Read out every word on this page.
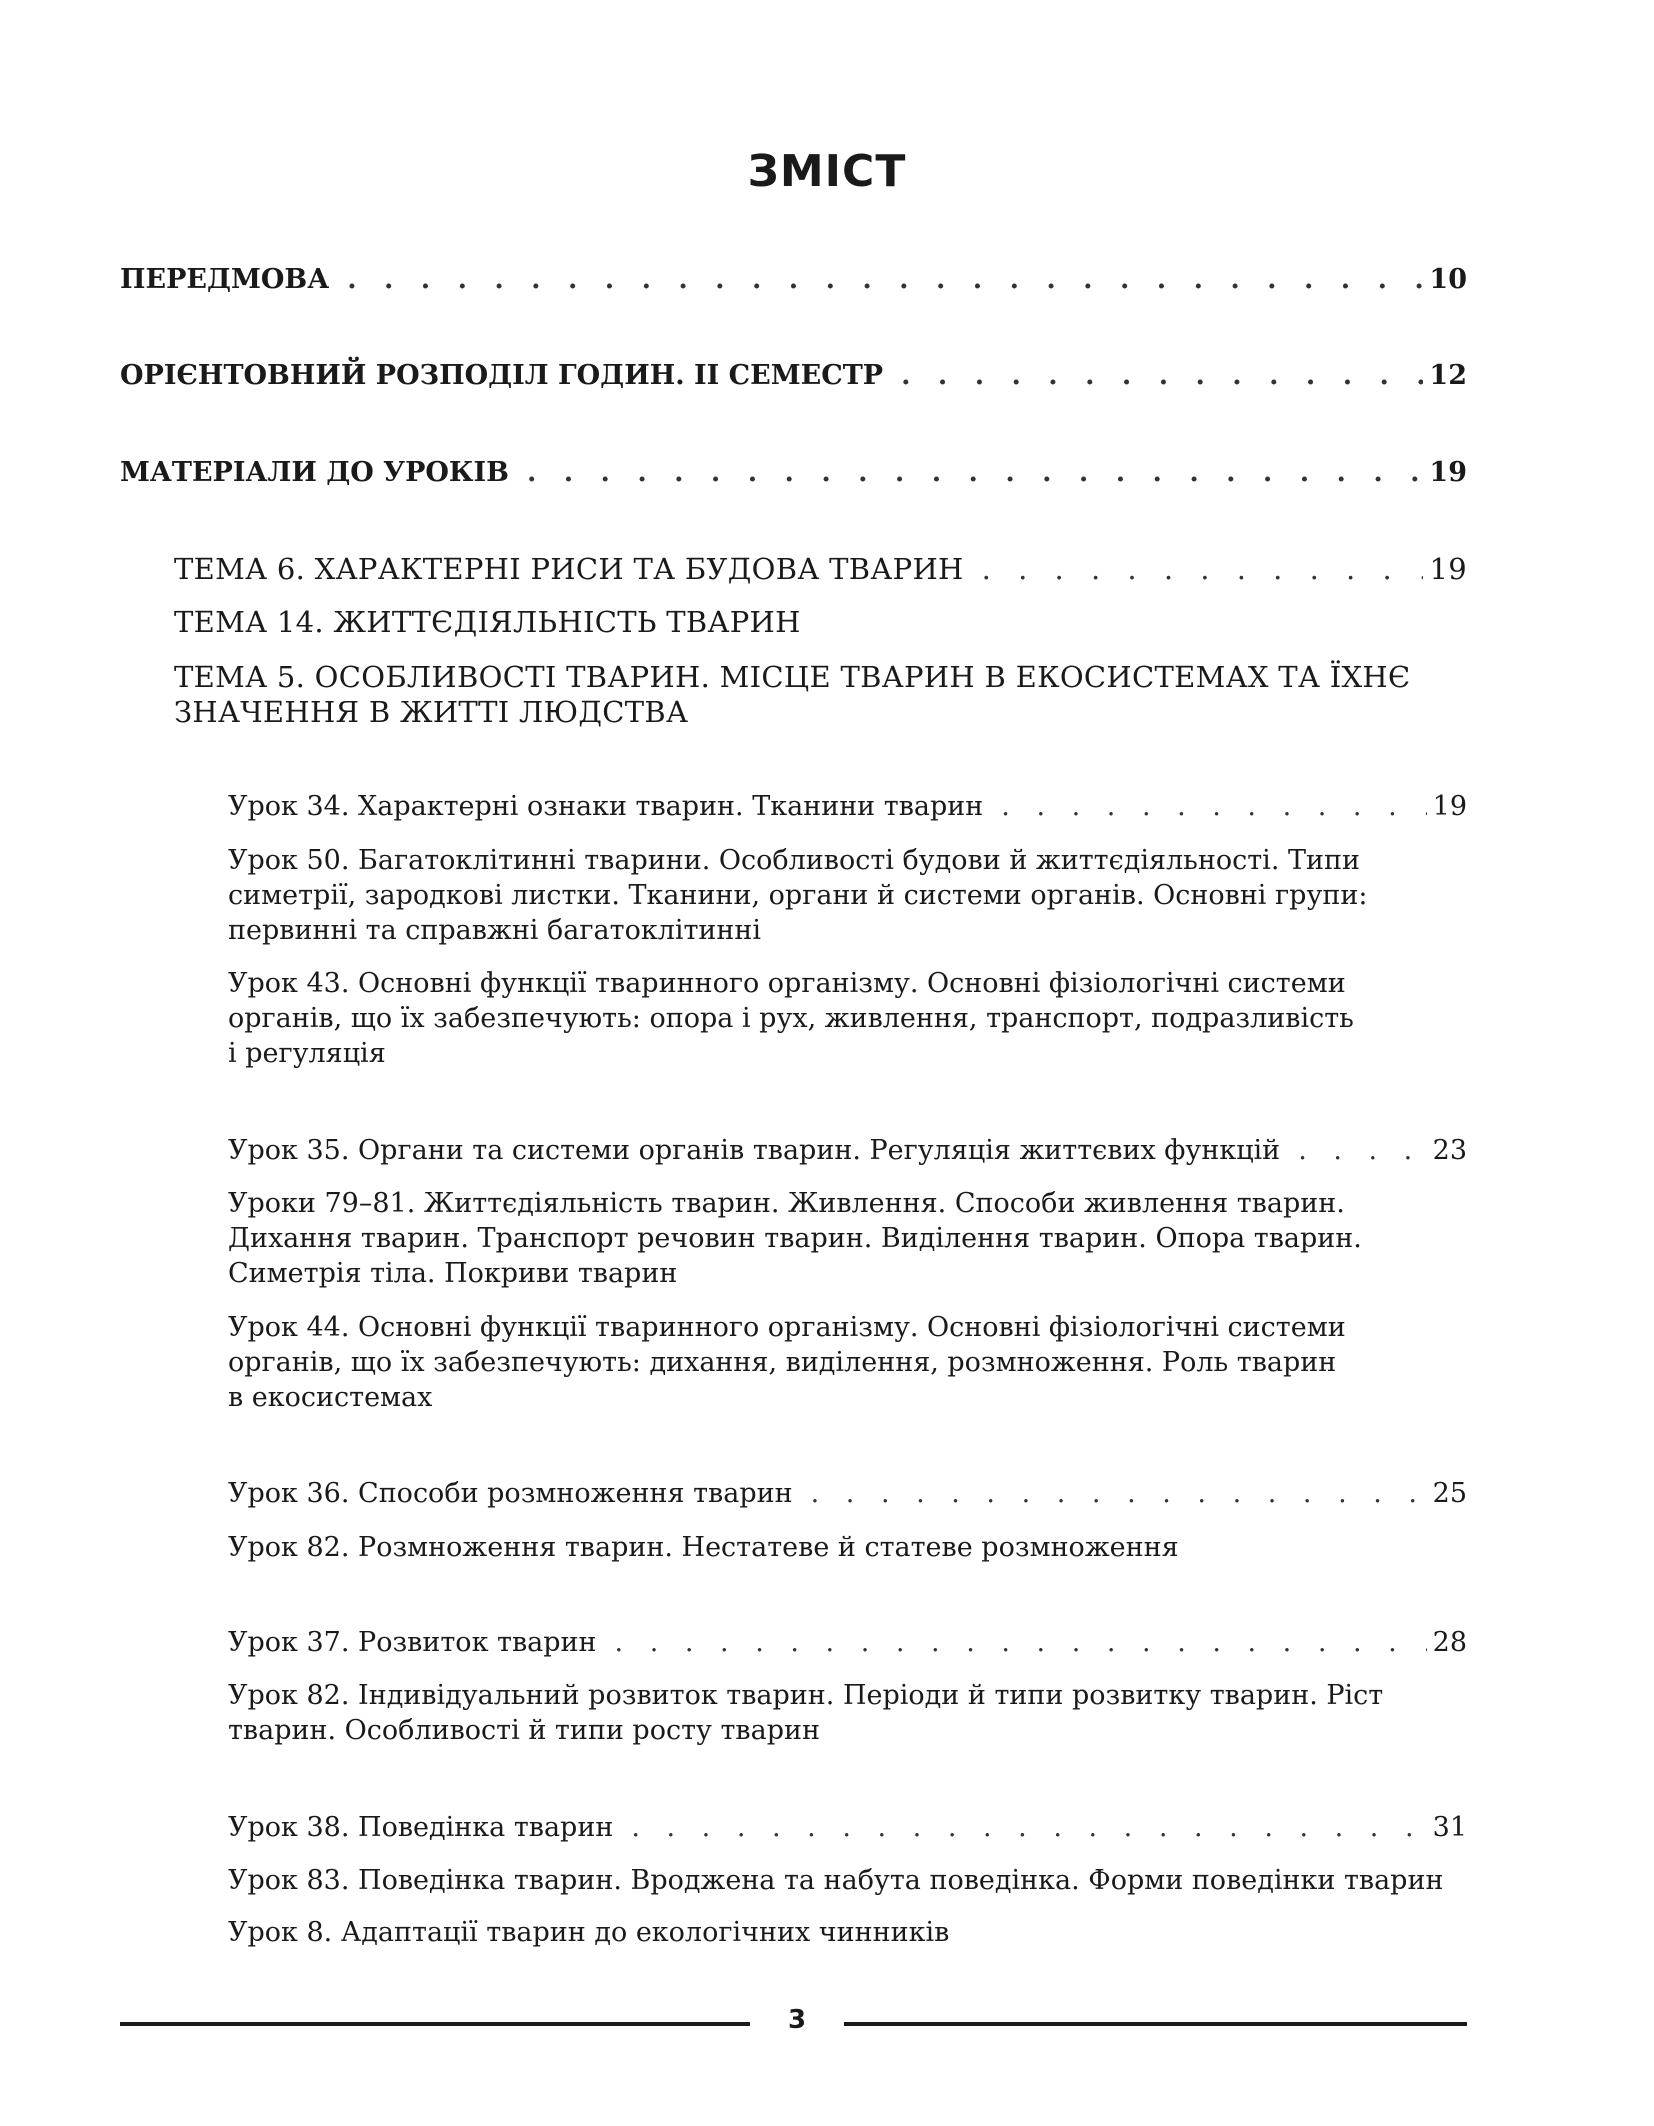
ЗМІСТ
ПЕРЕДМОВА . . .	10
ОРІЄНТОВНИЙ РОЗПОДІЛ ГОДИН. ІІ СЕМЕСТР . . .	12
МАТЕРІАЛИ ДО УРОКІВ . . .	19
ТЕМА 6. ХАРАКТЕРНІ РИСИ ТА БУДОВА ТВАРИН . . .	19
ТЕМА 14. ЖИТТЄДІЯЛЬНІСТЬ ТВАРИН
ТЕМА 5. ОСОБЛИВОСТІ ТВАРИН. МІСЦЕ ТВАРИН В ЕКОСИСТЕМАХ ТА ЇХНЄ
ЗНАЧЕННЯ В ЖИТТІ ЛЮДСТВА
Урок 34. Характерні ознаки тварин. Тканини тварин . . .	19
Урок 50. Багатоклітинні тварини. Особливості будови й життєдіяльності. Типи
симетрії, зародкові листки. Тканини, органи й системи органів. Основні групи:
первинні та справжні багатоклітинні
Урок 43. Основні функції тваринного організму. Основні фізіологічні системи
органів, що їх забезпечують: опора і рух, живлення, транспорт, подразливість
і регуляція
Урок 35. Органи та системи органів тварин. Регуляція життєвих функцій . . .	23
Уроки 79–81. Життєдіяльність тварин. Живлення. Способи живлення тварин.
Дихання тварин. Транспорт речовин тварин. Виділення тварин. Опора тварин.
Симетрія тіла. Покриви тварин
Урок 44. Основні функції тваринного організму. Основні фізіологічні системи
органів, що їх забезпечують: дихання, виділення, розмноження. Роль тварин
в екосистемах
Урок 36. Способи розмноження тварин . . .	25
Урок 82. Розмноження тварин. Нестатеве й статеве розмноження
Урок 37. Розвиток тварин . . .	28
Урок 82. Індивідуальний розвиток тварин. Періоди й типи розвитку тварин. Ріст
тварин. Особливості й типи росту тварин
Урок 38. Поведінка тварин . . .	31
Урок 83. Поведінка тварин. Вроджена та набута поведінка. Форми поведінки тварин
Урок 8. Адаптації тварин до екологічних чинників
3
